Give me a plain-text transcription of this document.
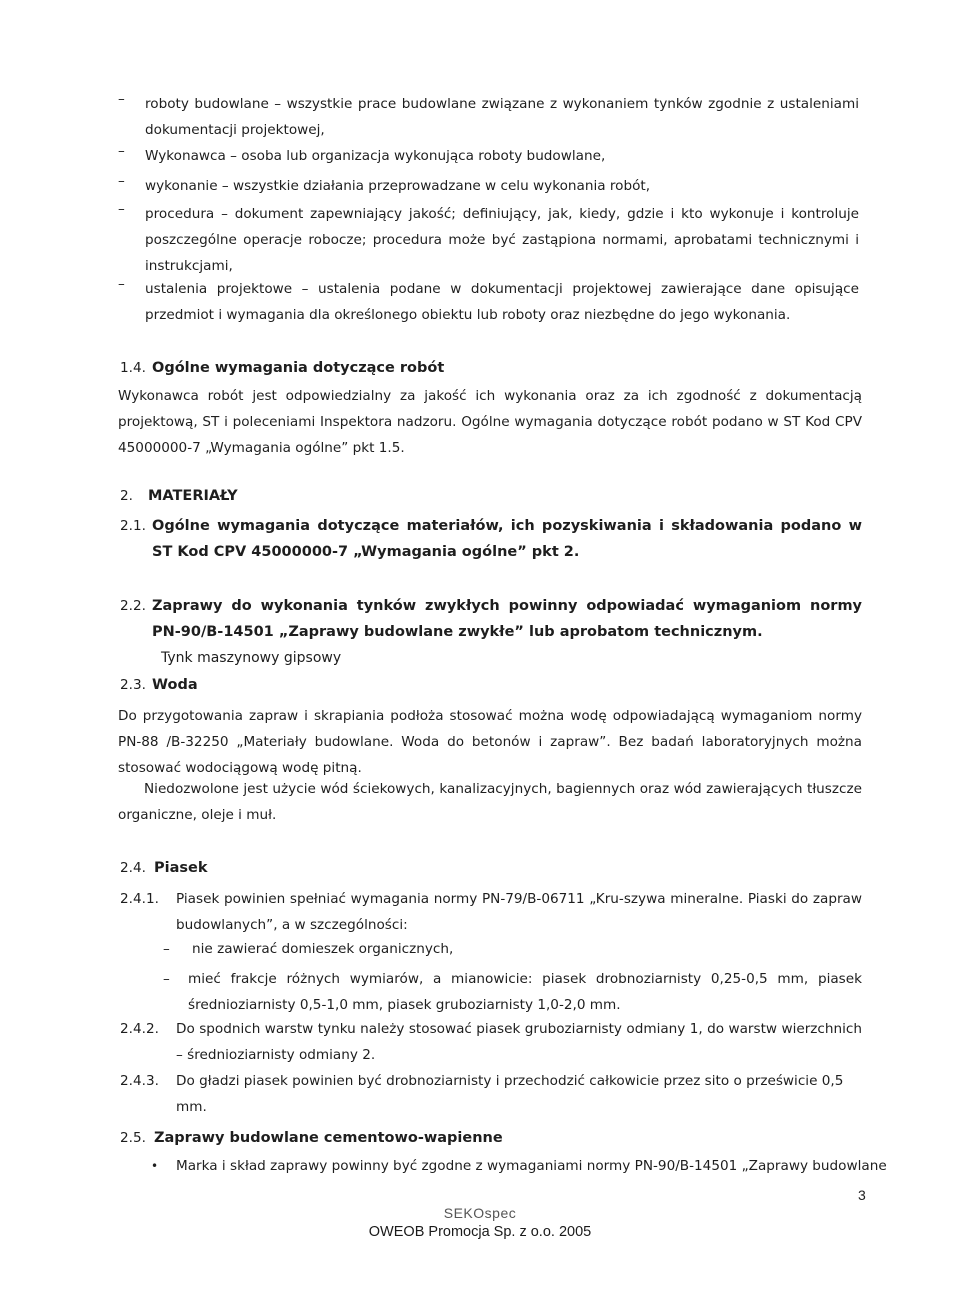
– roboty budowlane – wszystkie prace budowlane związane z wykonaniem tynków zgodnie z ustaleniami dokumentacji projektowej,
– Wykonawca – osoba lub organizacja wykonująca roboty budowlane,
– wykonanie – wszystkie działania przeprowadzane w celu wykonania robót,
– procedura – dokument zapewniający jakość; definiujący, jak, kiedy, gdzie i kto wykonuje i kontroluje poszczególne operacje robocze; procedura może być zastąpiona normami, aprobatami technicznymi i instrukcjami,
– ustalenia projektowe – ustalenia podane w dokumentacji projektowej zawierające dane opisujące przedmiot i wymagania dla określonego obiektu lub roboty oraz niezbędne do jego wykonania.
1.4. Ogólne wymagania dotyczące robót
Wykonawca robót jest odpowiedzialny za jakość ich wykonania oraz za ich zgodność z dokumentacją projektową, ST i poleceniami Inspektora nadzoru. Ogólne wymagania dotyczące robót podano w ST Kod CPV 45000000-7 „Wymagania ogólne” pkt 1.5.
2. MATERIAŁY
2.1. Ogólne wymagania dotyczące materiałów, ich pozyskiwania i składowania podano w ST Kod CPV 45000000-7 „Wymagania ogólne” pkt 2.
2.2. Zaprawy do wykonania tynków zwykłych powinny odpowiadać wymaganiom normy PN-90/B-14501 „Zaprawy budowlane zwykłe” lub aprobatom technicznym.
Tynk maszynowy gipsowy
2.3. Woda
Do przygotowania zapraw i skrapiania podłoża stosować można wodę odpowiadającą wymaganiom normy PN-88 /B-32250 „Materiały budowlane. Woda do betonów i zapraw”. Bez badań laboratoryjnych można stosować wodociągową wodę pitną.
Niedozwolone jest użycie wód ściekowych, kanalizacyjnych, bagiennych oraz wód zawierających tłuszcze organiczne, oleje i muł.
2.4. Piasek
2.4.1. Piasek powinien spełniać wymagania normy PN-79/B-06711 „Kru-szywa mineralne. Piaski do zapraw budowlanych”, a w szczególności:
– nie zawierać domieszek organicznych,
– mieć frakcje różnych wymiarów, a mianowicie: piasek drobnoziarnisty 0,25-0,5 mm, piasek średnioziarnisty 0,5-1,0 mm, piasek gruboziarnisty 1,0-2,0 mm.
2.4.2. Do spodnich warstw tynku należy stosować piasek gruboziarnisty odmiany 1, do warstw wierzchnich – średnioziarnisty odmiany 2.
2.4.3. Do gładzi piasek powinien być drobnoziarnisty i przechodzić całkowicie przez sito o prześwicie 0,5 mm.
2.5. Zaprawy budowlane cementowo-wapienne
• Marka i skład zaprawy powinny być zgodne z wymaganiami normy PN-90/B-14501 „Zaprawy budowlane
3
SEKOspec
OWEOB Promocja Sp. z o.o. 2005
